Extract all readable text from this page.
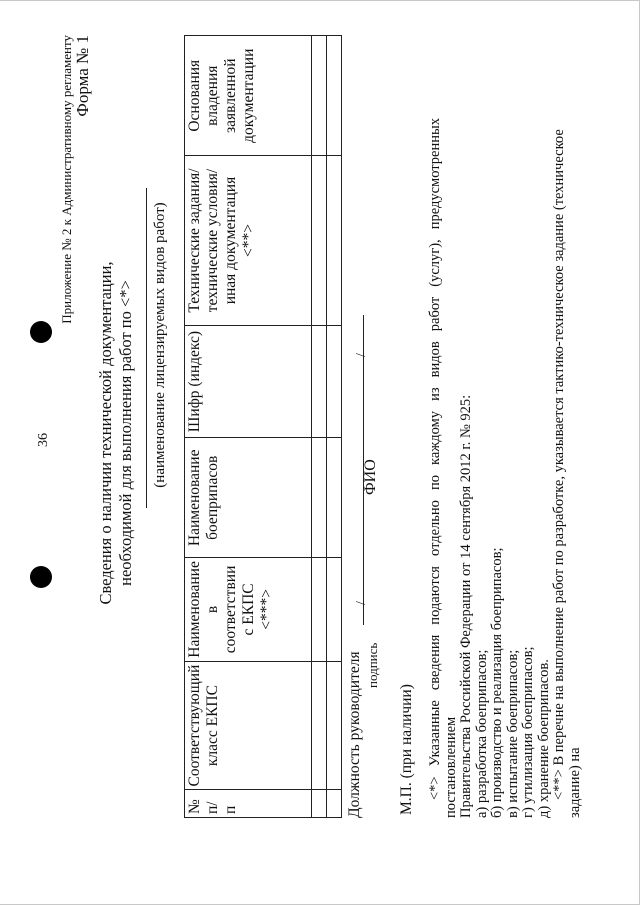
36
Приложение № 2 к Административному регламенту Форма № 1
Сведения о наличии технической документации, необходимой для выполнения работ по <*> (наименование лицензируемых видов работ)
№ п/п	Соответствующий класс ЕКПС	Наименование в соответствии с ЕКПС <***>	Наименование боеприпасов	Шифр (индекс)	Технические задания/ технические условия/иная документация <**>	Основания владения заявленной документации

Должность руководителя
/
/
подпись
ФИО
М.П. (при наличии) <*> Указанные сведения подаются отдельно по каждому из видов работ (услуг), предусмотренных постановлением Правительства Российской Федерации от 14 сентября 2012 г. № 925: а) разработка боеприпасов; б) производство и реализация боеприпасов; в) испытание боеприпасов; г) утилизация боеприпасов; д) хранение боеприпасов. <**> В перечне на выполнение работ по разработке, указывается тактико-техническое задание (техническое задание) на
